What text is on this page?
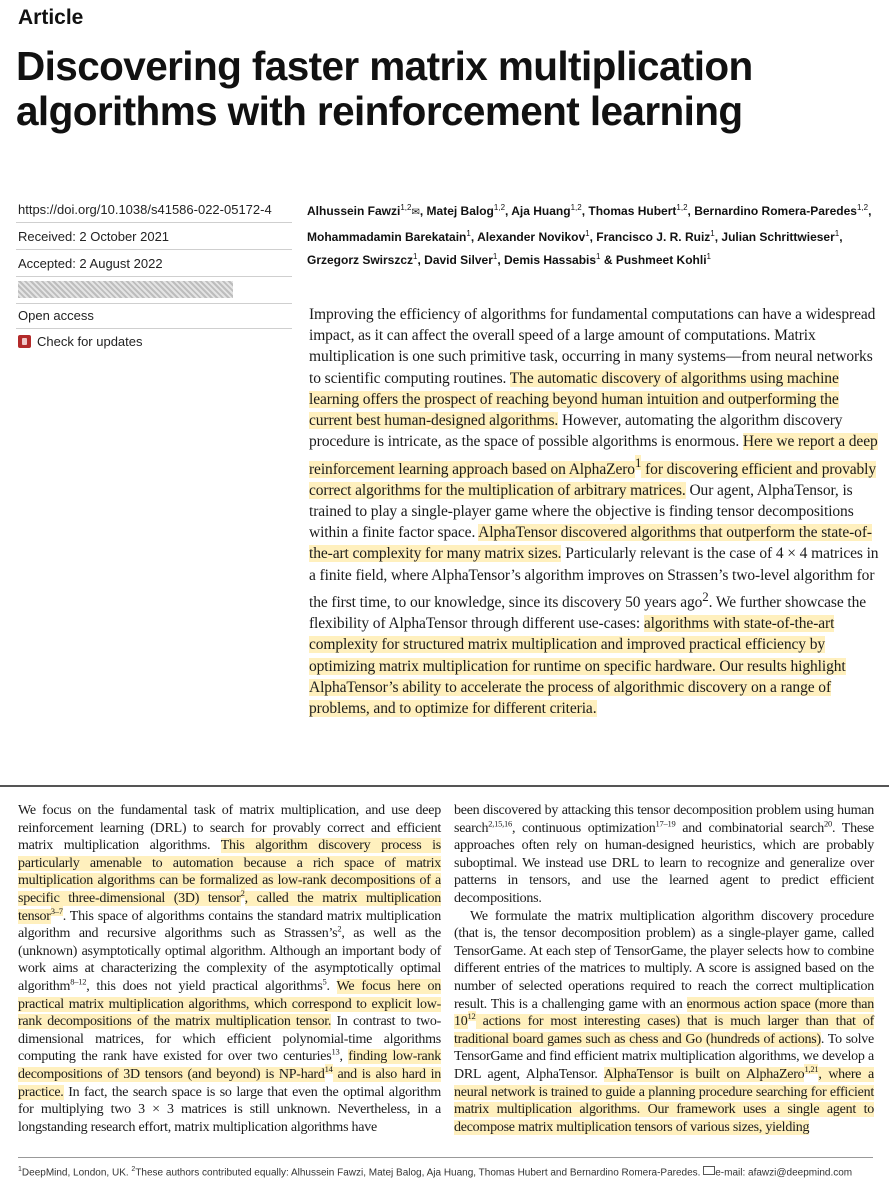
Article
Discovering faster matrix multiplication algorithms with reinforcement learning
https://doi.org/10.1038/s41586-022-05172-4
Received: 2 October 2021
Accepted: 2 August 2022
Open access
Check for updates
Alhussein Fawzi$^{1,2}$✉, Matej Balog$^{1,2}$, Aja Huang$^{1,2}$, Thomas Hubert$^{1,2}$, Bernardino Romera-Paredes$^{1,2}$, Mohammadamin Barekatain$^1$, Alexander Novikov$^1$, Francisco J. R. Ruiz$^1$, Julian Schrittwieser$^1$, Grzegorz Swirszcz$^1$, David Silver$^1$, Demis Hassabis$^1$ & Pushmeet Kohli$^1$
Improving the efficiency of algorithms for fundamental computations can have a widespread impact, as it can affect the overall speed of a large amount of computations. Matrix multiplication is one such primitive task, occurring in many systems—from neural networks to scientific computing routines. The automatic discovery of algorithms using machine learning offers the prospect of reaching beyond human intuition and outperforming the current best human-designed algorithms. However, automating the algorithm discovery procedure is intricate, as the space of possible algorithms is enormous. Here we report a deep reinforcement learning approach based on AlphaZero$^1$ for discovering efficient and provably correct algorithms for the multiplication of arbitrary matrices. Our agent, AlphaTensor, is trained to play a single-player game where the objective is finding tensor decompositions within a finite factor space. AlphaTensor discovered algorithms that outperform the state-of-the-art complexity for many matrix sizes. Particularly relevant is the case of 4 × 4 matrices in a finite field, where AlphaTensor’s algorithm improves on Strassen’s two-level algorithm for the first time, to our knowledge, since its discovery 50 years ago$^2$. We further showcase the flexibility of AlphaTensor through different use-cases: algorithms with state-of-the-art complexity for structured matrix multiplication and improved practical efficiency by optimizing matrix multiplication for runtime on specific hardware. Our results highlight AlphaTensor’s ability to accelerate the process of algorithmic discovery on a range of problems, and to optimize for different criteria.

We focus on the fundamental task of matrix multiplication, and use deep reinforcement learning (DRL) to search for provably correct and efficient matrix multiplication algorithms. This algorithm discovery process is particularly amenable to automation because a rich space of matrix multiplication algorithms can be formalized as low-rank decompositions of a specific three-dimensional (3D) tensor$^2$, called the matrix multiplication tensor$^{3-7}$. This space of algorithms contains the standard matrix multiplication algorithm and recursive algorithms such as $Strassen’s^2$, as well as the (unknown) asymptotically optimal algorithm. Although an important body of work aims at characterizing the complexity of the asymptotically optimal algorithm$^{8-12}$, this does not yield practical algorithms$^5$. We focus here on practical matrix multiplication algorithms, which correspond to explicit low-rank decompositions of the matrix multiplication tensor. In contrast to two-dimensional matrices, for which efficient polynomial-time algorithms computing the rank have existed for over two centuries$^{13}$, finding low-rank decompositions of 3D tensors (and beyond) is NP-hard$^{14}$ and is also hard in practice. In fact, the search space is so large that even the optimal algorithm for multiplying two 3 × 3 matrices is still unknown. Nevertheless, in a longstanding research effort, matrix multiplication algorithms have

been discovered by attacking this tensor decomposition problem using human search$^{2,15,16}$, continuous optimization$^{17-19}$ and combinatorial search$^{20}$. These approaches often rely on human-designed heuristics, which are probably suboptimal. We instead use DRL to learn to recognize and generalize over patterns in tensors, and use the learned agent to predict efficient decompositions.

We formulate the matrix multiplication algorithm discovery procedure (that is, the tensor decomposition problem) as a single-player game, called TensorGame. At each step of TensorGame, the player selects how to combine different entries of the matrices to multiply. A score is assigned based on the number of selected operations required to reach the correct multiplication result. This is a challenging game with an enormous action space (more than $10^{12}$ actions for most interesting cases) that is much larger than that of traditional board games such as chess and Go (hundreds of actions). To solve TensorGame and find efficient matrix multiplication algorithms, we develop a DRL agent, AlphaTensor. AlphaTensor is built on AlphaZero$^{1,21}$, where a neural network is trained to guide a planning procedure searching for efficient matrix multiplication algorithms. Our framework uses a single agent to decompose matrix multiplication tensors of various sizes, yielding

$^1$DeepMind, London, UK. $^2$These authors contributed equally: Alhussein Fawzi, Matej Balog, Aja Huang, Thomas Hubert and Bernardino Romera-Paredes. e-mail: afawzi@deepmind.com
